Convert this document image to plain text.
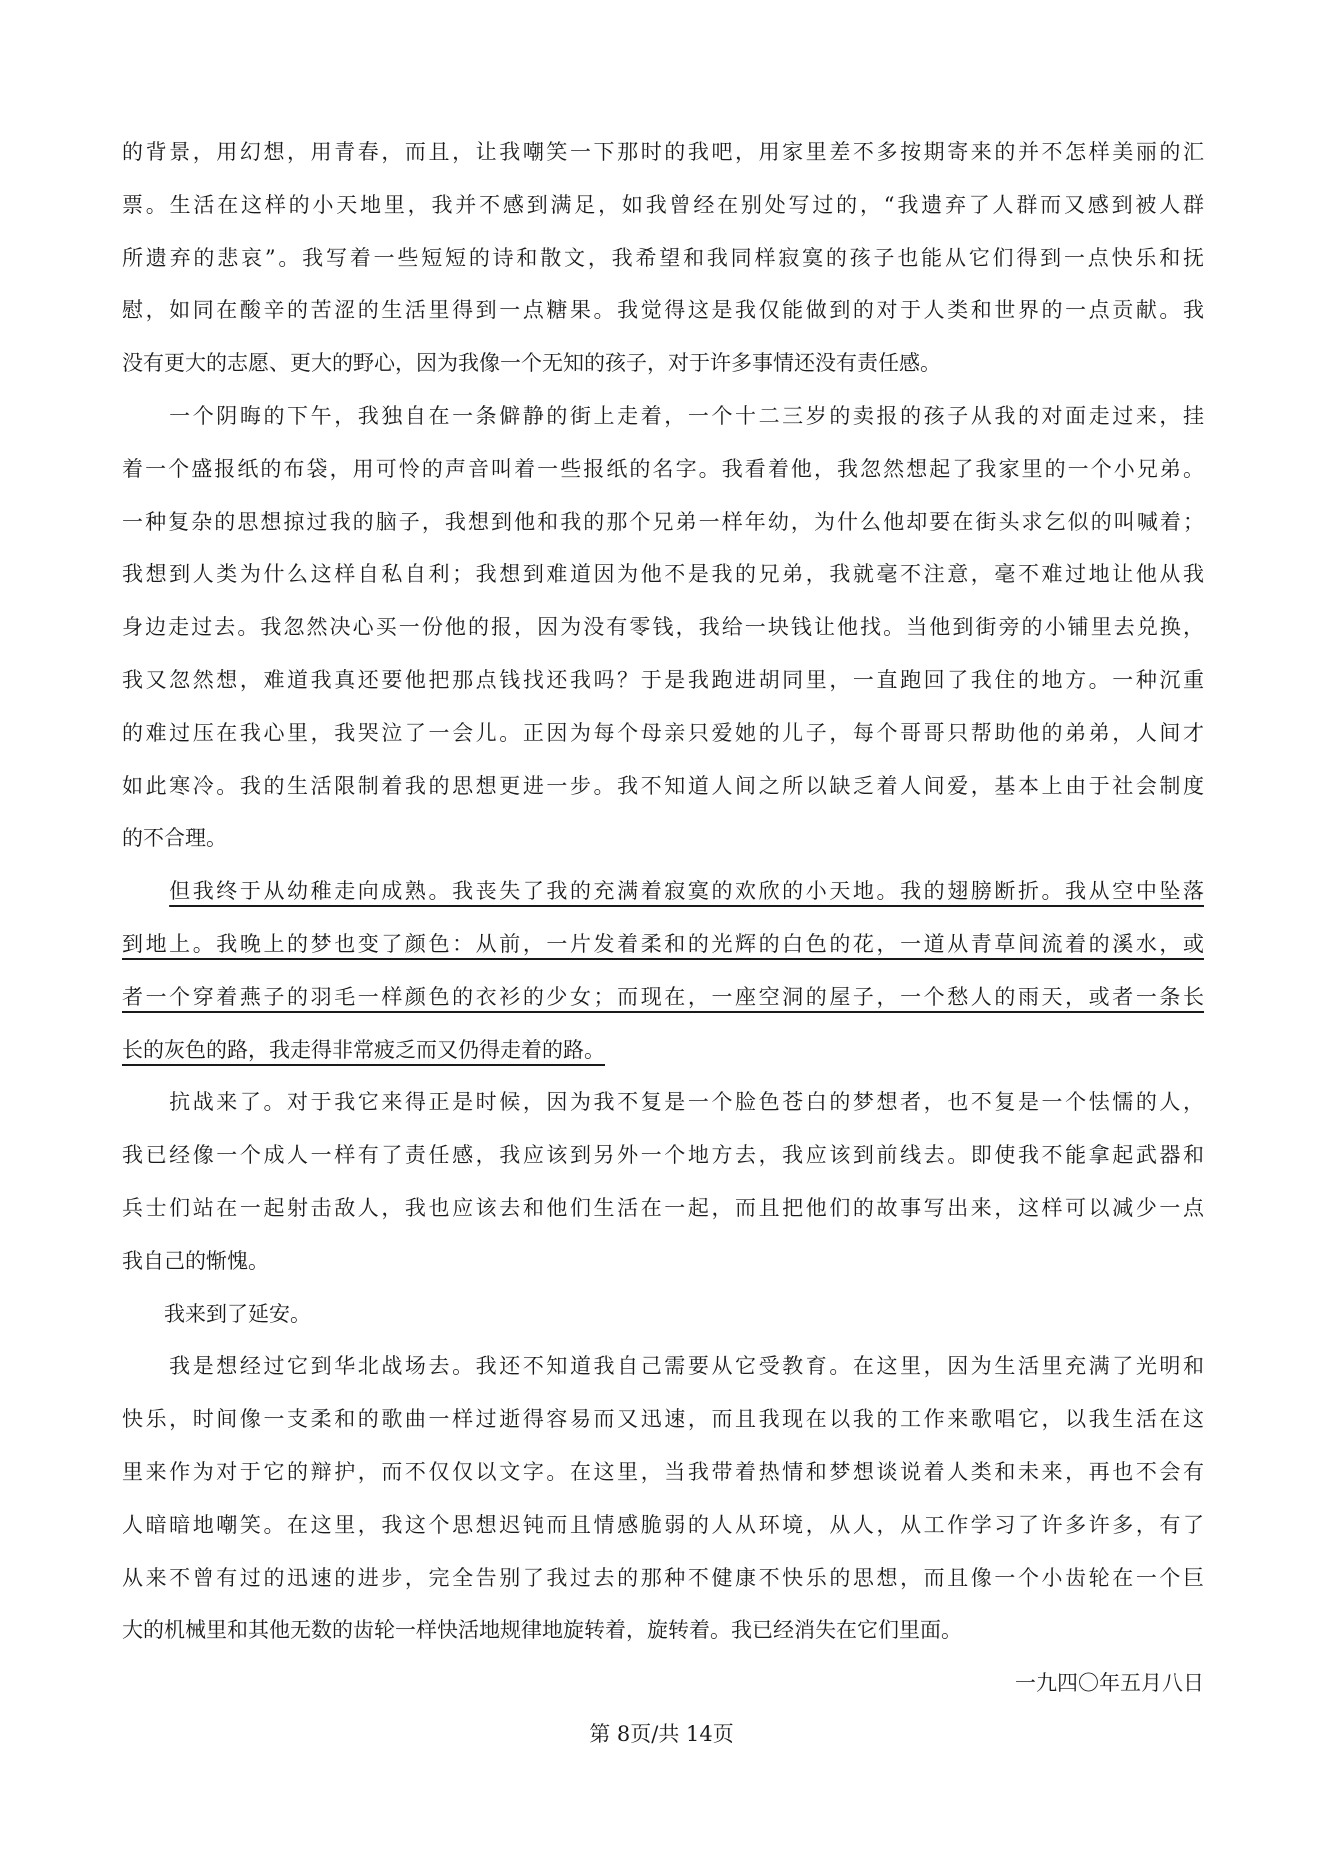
的背景，用幻想，用青春，而且，让我嘲笑一下那时的我吧，用家里差不多按期寄来的并不怎样美丽的汇
票。生活在这样的小天地里，我并不感到满足，如我曾经在别处写过的，“我遗弃了人群而又感到被人群
所遗弃的悲哀”。我写着一些短短的诗和散文，我希望和我同样寂寞的孩子也能从它们得到一点快乐和抚
慰，如同在酸辛的苦涩的生活里得到一点糖果。我觉得这是我仅能做到的对于人类和世界的一点贡献。我
没有更大的志愿、更大的野心，因为我像一个无知的孩子，对于许多事情还没有责任感。
　　一个阴晦的下午，我独自在一条僻静的街上走着，一个十二三岁的卖报的孩子从我的对面走过来，挂
着一个盛报纸的布袋，用可怜的声音叫着一些报纸的名字。我看着他，我忽然想起了我家里的一个小兄弟。
一种复杂的思想掠过我的脑子，我想到他和我的那个兄弟一样年幼，为什么他却要在街头求乞似的叫喊着；
我想到人类为什么这样自私自利；我想到难道因为他不是我的兄弟，我就毫不注意，毫不难过地让他从我
身边走过去。我忽然决心买一份他的报，因为没有零钱，我给一块钱让他找。当他到街旁的小铺里去兑换，
我又忽然想，难道我真还要他把那点钱找还我吗？于是我跑进胡同里，一直跑回了我住的地方。一种沉重
的难过压在我心里，我哭泣了一会儿。正因为每个母亲只爱她的儿子，每个哥哥只帮助他的弟弟，人间才
如此寒冷。我的生活限制着我的思想更进一步。我不知道人间之所以缺乏着人间爱，基本上由于社会制度
的不合理。
　　但我终于从幼稚走向成熟。我丧失了我的充满着寂寞的欢欣的小天地。我的翅膀断折。我从空中坠落
到地上。我晚上的梦也变了颜色：从前，一片发着柔和的光辉的白色的花，一道从青草间流着的溪水，或
者一个穿着燕子的羽毛一样颜色的衣衫的少女；而现在，一座空洞的屋子，一个愁人的雨天，或者一条长
长的灰色的路，我走得非常疲乏而又仍得走着的路。
　　抗战来了。对于我它来得正是时候，因为我不复是一个脸色苍白的梦想者，也不复是一个怯懦的人，
我已经像一个成人一样有了责任感，我应该到另外一个地方去，我应该到前线去。即使我不能拿起武器和
兵士们站在一起射击敌人，我也应该去和他们生活在一起，而且把他们的故事写出来，这样可以减少一点
我自己的惭愧。
　　我来到了延安。
　　我是想经过它到华北战场去。我还不知道我自己需要从它受教育。在这里，因为生活里充满了光明和
快乐，时间像一支柔和的歌曲一样过逝得容易而又迅速，而且我现在以我的工作来歌唱它，以我生活在这
里来作为对于它的辩护，而不仅仅以文字。在这里，当我带着热情和梦想谈说着人类和未来，再也不会有
人暗暗地嘲笑。在这里，我这个思想迟钝而且情感脆弱的人从环境，从人，从工作学习了许多许多，有了
从来不曾有过的迅速的进步，完全告别了我过去的那种不健康不快乐的思想，而且像一个小齿轮在一个巨
大的机械里和其他无数的齿轮一样快活地规律地旋转着，旋转着。我已经消失在它们里面。
一九四〇年五月八日
第 8页/共 14页
